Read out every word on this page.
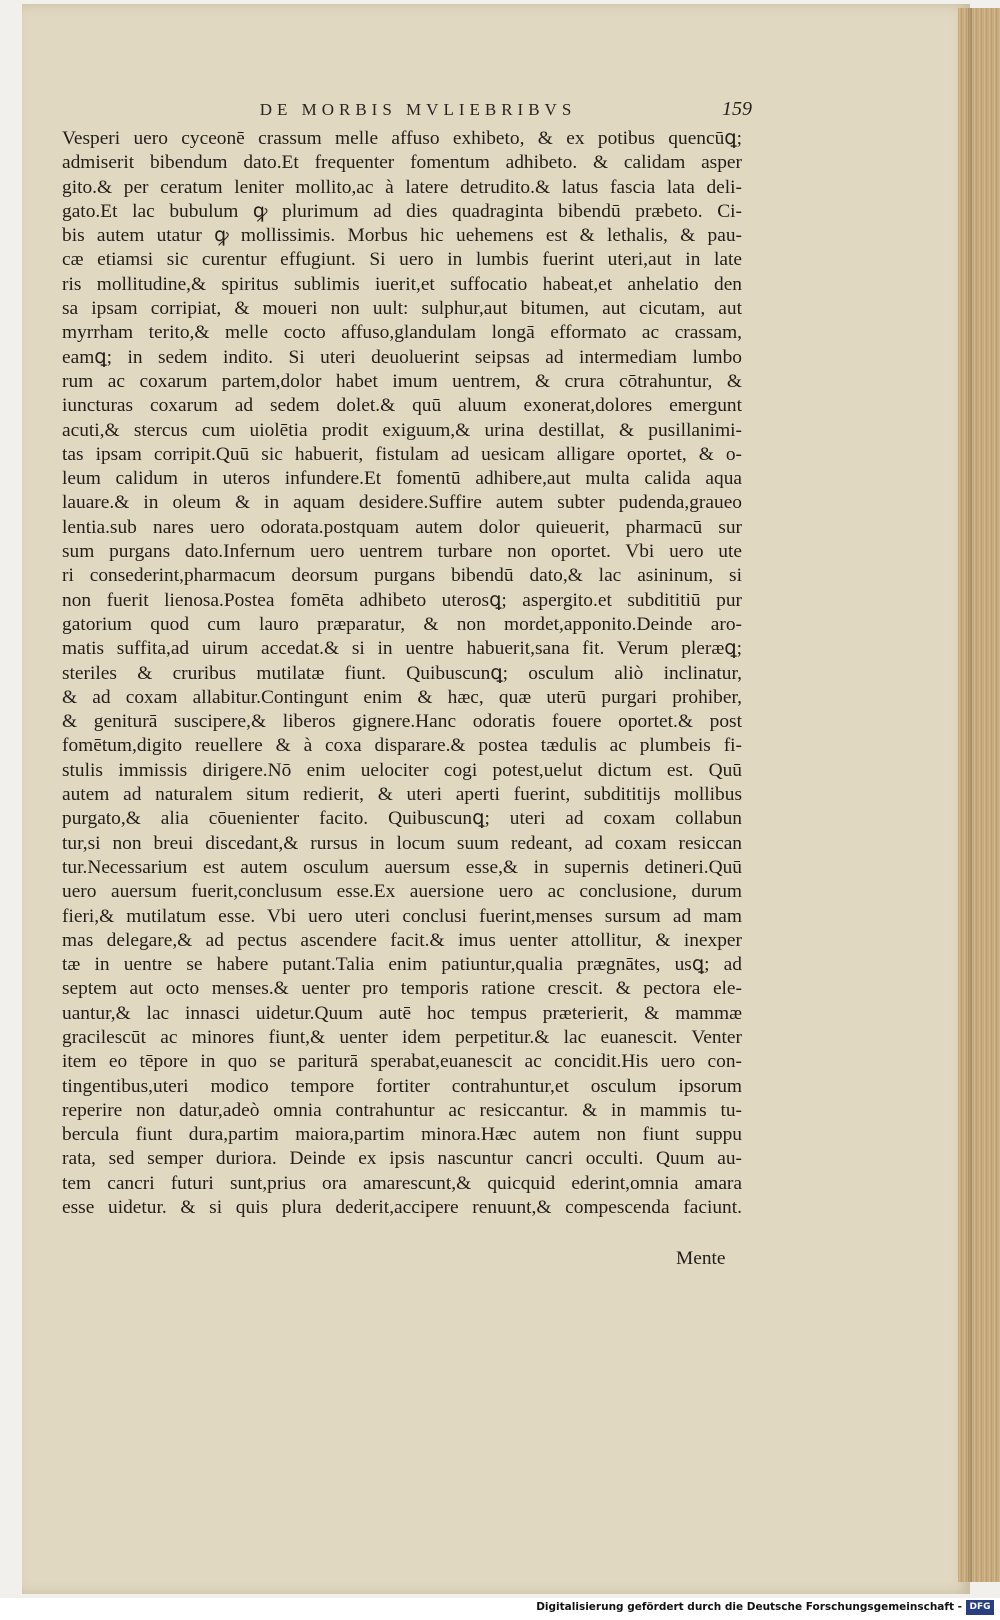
DE MORBIS MVLIEBRIBVS	159
Vesperi uero cyceonē crassum melle affuso exhibeto, & ex potibus quencūꝗ;
admiserit bibendum dato.Et frequenter fomentum adhibeto. & calidam asper
gito.& per ceratum leniter mollito,ac à latere detrudito.& latus fascia lata deli-
gato.Et lac bubulum ꝙ plurimum ad dies quadraginta bibendū præbeto. Ci-
bis autem utatur ꝙ mollissimis. Morbus hic uehemens est & lethalis, & pau-
cæ etiamsi sic curentur effugiunt. Si uero in lumbis fuerint uteri,aut in late
ris mollitudine,& spiritus sublimis iuerit,et suffocatio habeat,et anhelatio den
sa ipsam corripiat, & moueri non uult: sulphur,aut bitumen, aut cicutam, aut
myrrham terito,& melle cocto affuso,glandulam longā efformato ac crassam,
eamꝗ; in sedem indito. Si uteri deuoluerint seipsas ad intermediam lumbo
rum ac coxarum partem,dolor habet imum uentrem, & crura cōtrahuntur, &
iuncturas coxarum ad sedem dolet.& quū aluum exonerat,dolores emergunt
acuti,& stercus cum uiolētia prodit exiguum,& urina destillat, & pusillanimi-
tas ipsam corripit.Quū sic habuerit, fistulam ad uesicam alligare oportet, & o-
leum calidum in uteros infundere.Et fomentū adhibere,aut multa calida aqua
lauare.& in oleum & in aquam desidere.Suffire autem subter pudenda,graueo
lentia.sub nares uero odorata.postquam autem dolor quieuerit, pharmacū sur
sum purgans dato.Infernum uero uentrem turbare non oportet. Vbi uero ute
ri consederint,pharmacum deorsum purgans bibendū dato,& lac asininum, si
non fuerit lienosa.Postea fomēta adhibeto uterosꝗ; aspergito.et subdititiū pur
gatorium quod cum lauro præparatur, & non mordet,apponito.Deinde aro-
matis suffita,ad uirum accedat.& si in uentre habuerit,sana fit. Verum pleræꝗ;
steriles & cruribus mutilatæ fiunt. Quibuscunꝗ; osculum aliò inclinatur,
& ad coxam allabitur.Contingunt enim & hæc, quæ uterū purgari prohiber,
& geniturā suscipere,& liberos gignere.Hanc odoratis fouere oportet.& post
fomētum,digito reuellere & à coxa disparare.& postea tædulis ac plumbeis fi-
stulis immissis dirigere.Nō enim uelociter cogi potest,uelut dictum est. Quū
autem ad naturalem situm redierit, & uteri aperti fuerint, subdititijs mollibus
purgato,& alia cōuenienter facito. Quibuscunꝗ; uteri ad coxam collabun
tur,si non breui discedant,& rursus in locum suum redeant, ad coxam resiccan
tur.Necessarium est autem osculum auersum esse,& in supernis detineri.Quū
uero auersum fuerit,conclusum esse.Ex auersione uero ac conclusione, durum
fieri,& mutilatum esse. Vbi uero uteri conclusi fuerint,menses sursum ad mam
mas delegare,& ad pectus ascendere facit.& imus uenter attollitur, & inexper
tæ in uentre se habere putant.Talia enim patiuntur,qualia prægnātes, usꝗ; ad
septem aut octo menses.& uenter pro temporis ratione crescit. & pectora ele-
uantur,& lac innasci uidetur.Quum autē hoc tempus præterierit, & mammæ
gracilescūt ac minores fiunt,& uenter idem perpetitur.& lac euanescit. Venter
item eo tēpore in quo se pariturā sperabat,euanescit ac concidit.His uero con-
tingentibus,uteri modico tempore fortiter contrahuntur,et osculum ipsorum
reperire non datur,adeò omnia contrahuntur ac resiccantur. & in mammis tu-
bercula fiunt dura,partim maiora,partim minora.Hæc autem non fiunt suppu
rata, sed semper duriora. Deinde ex ipsis nascuntur cancri occulti. Quum au-
tem cancri futuri sunt,prius ora amarescunt,& quicquid ederint,omnia amara
esse uidetur. & si quis plura dederit,accipere renuunt,& compescenda faciunt.
Mente
Digitalisierung gefördert durch die Deutsche Forschungsgemeinschaft - DFG
